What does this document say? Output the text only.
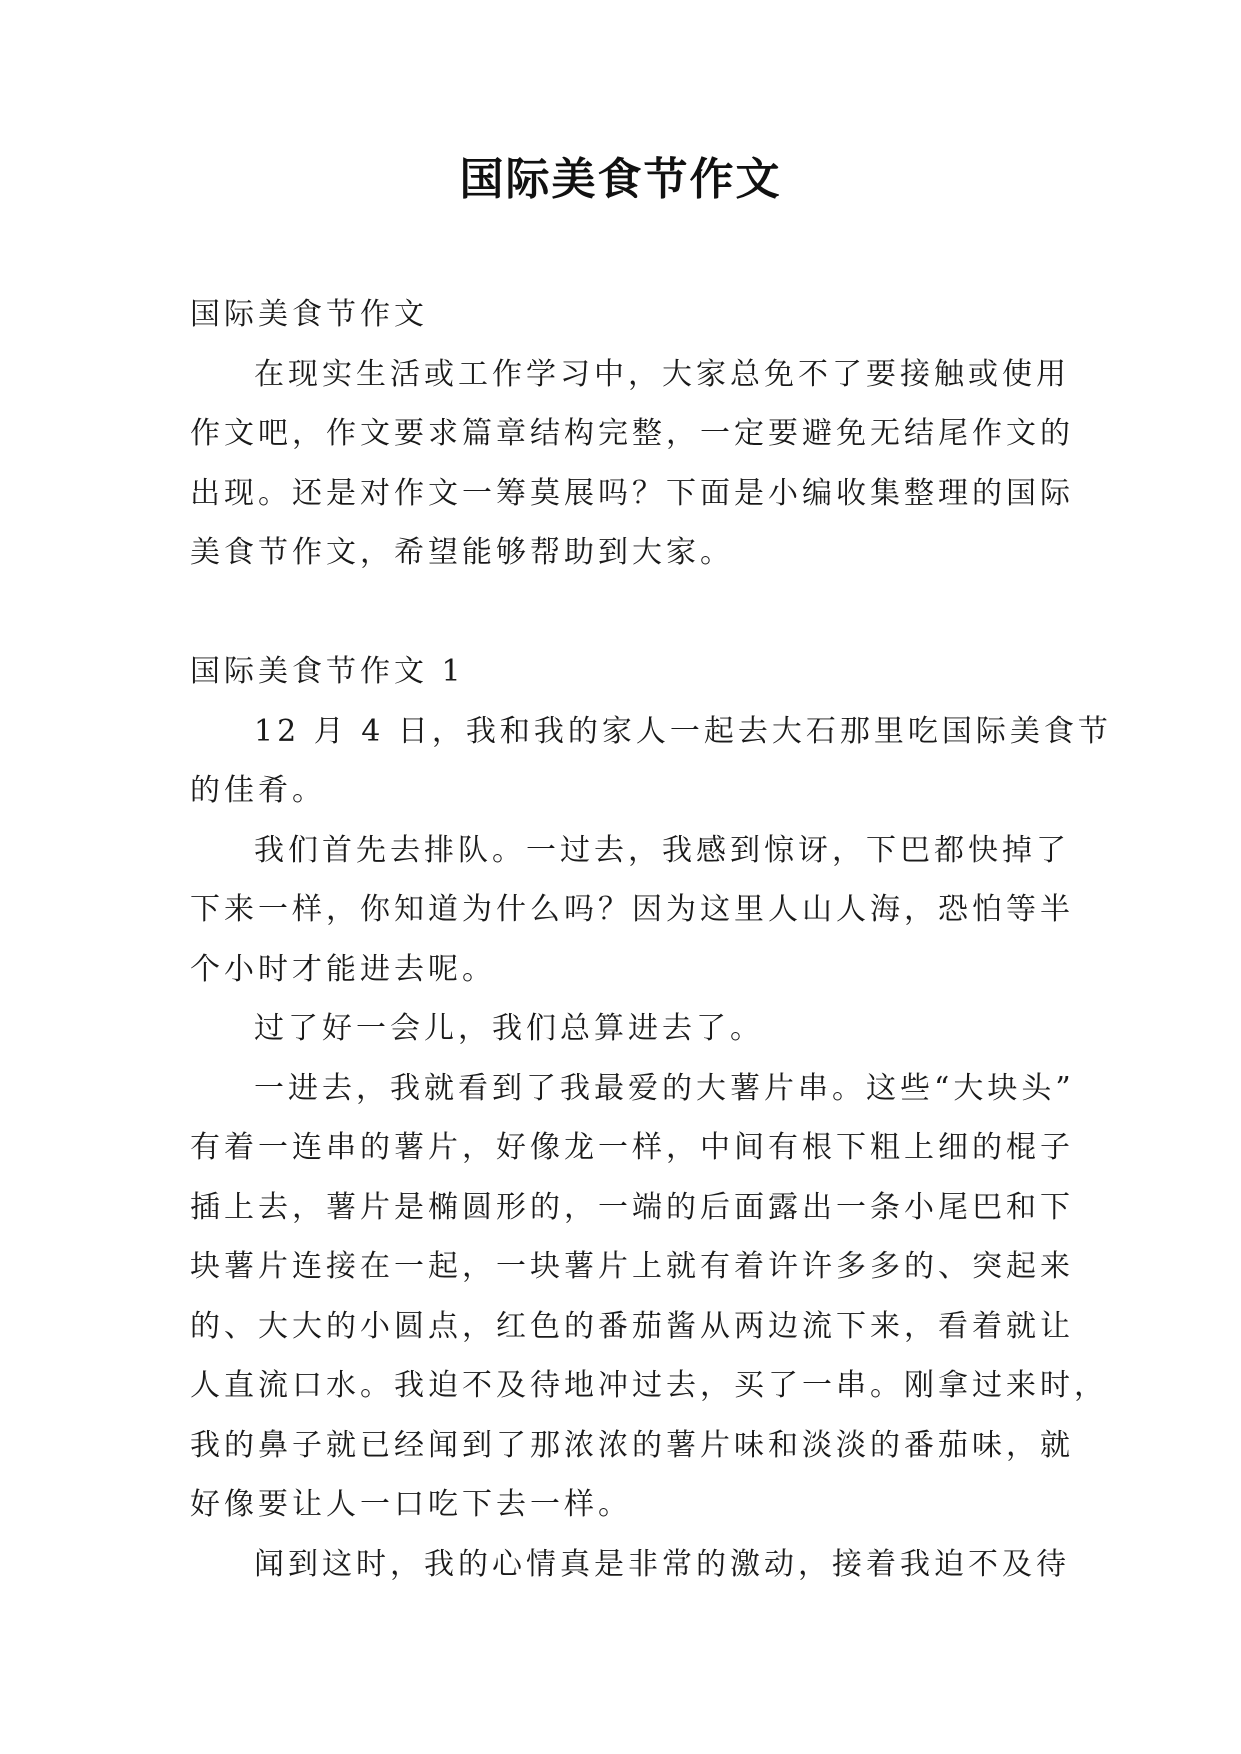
国际美食节作文
国际美食节作文
在现实生活或工作学习中，大家总免不了要接触或使用
作文吧，作文要求篇章结构完整，一定要避免无结尾作文的
出现。还是对作文一筹莫展吗？下面是小编收集整理的国际
美食节作文，希望能够帮助到大家。
国际美食节作文 1
12 月 4 日，我和我的家人一起去大石那里吃国际美食节
的佳肴。
我们首先去排队。一过去，我感到惊讶，下巴都快掉了
下来一样，你知道为什么吗？因为这里人山人海，恐怕等半
个小时才能进去呢。
过了好一会儿，我们总算进去了。
一进去，我就看到了我最爱的大薯片串。这些“大块头”
有着一连串的薯片，好像龙一样，中间有根下粗上细的棍子
插上去，薯片是椭圆形的，一端的后面露出一条小尾巴和下
块薯片连接在一起，一块薯片上就有着许许多多的、突起来
的、大大的小圆点，红色的番茄酱从两边流下来，看着就让
人直流口水。我迫不及待地冲过去，买了一串。刚拿过来时，
我的鼻子就已经闻到了那浓浓的薯片味和淡淡的番茄味，就
好像要让人一口吃下去一样。
闻到这时，我的心情真是非常的激动，接着我迫不及待
